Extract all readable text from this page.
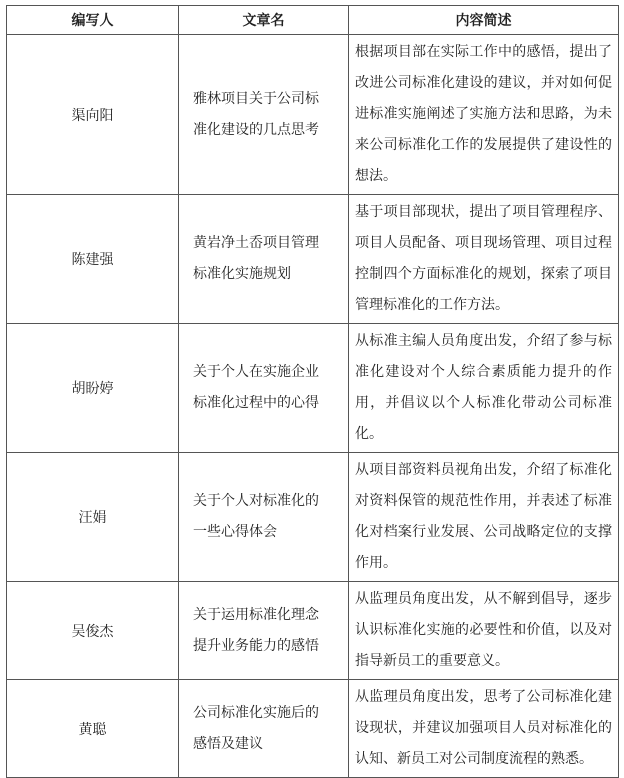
编写人	文章名	内容简述
渠向阳	雅林项目关于公司标准化建设的几点思考	根据项目部在实际工作中的感悟，提出了改进公司标准化建设的建议，并对如何促进标准实施阐述了实施方法和思路，为未来公司标准化工作的发展提供了建设性的想法。

陈建强	黄岩净土岙项目管理标准化实施规划	基于项目部现状，提出了项目管理程序、项目人员配备、项目现场管理、项目过程控制四个方面标准化的规划，探索了项目管理标准化的工作方法。

胡盼婷	关于个人在实施企业标准化过程中的心得	从标准主编人员角度出发，介绍了参与标准化建设对个人综合素质能力提升的作用，并倡议以个人标准化带动公司标准化。

汪娟	关于个人对标准化的一些心得体会	从项目部资料员视角出发，介绍了标准化对资料保管的规范性作用，并表述了标准化对档案行业发展、公司战略定位的支撑作用。

吴俊杰	关于运用标准化理念提升业务能力的感悟	从监理员角度出发，从不解到倡导，逐步认识标准化实施的必要性和价值，以及对指导新员工的重要意义。

黄聪	公司标准化实施后的感悟及建议	从监理员角度出发，思考了公司标准化建设现状，并建议加强项目人员对标准化的认知、新员工对公司制度流程的熟悉。
